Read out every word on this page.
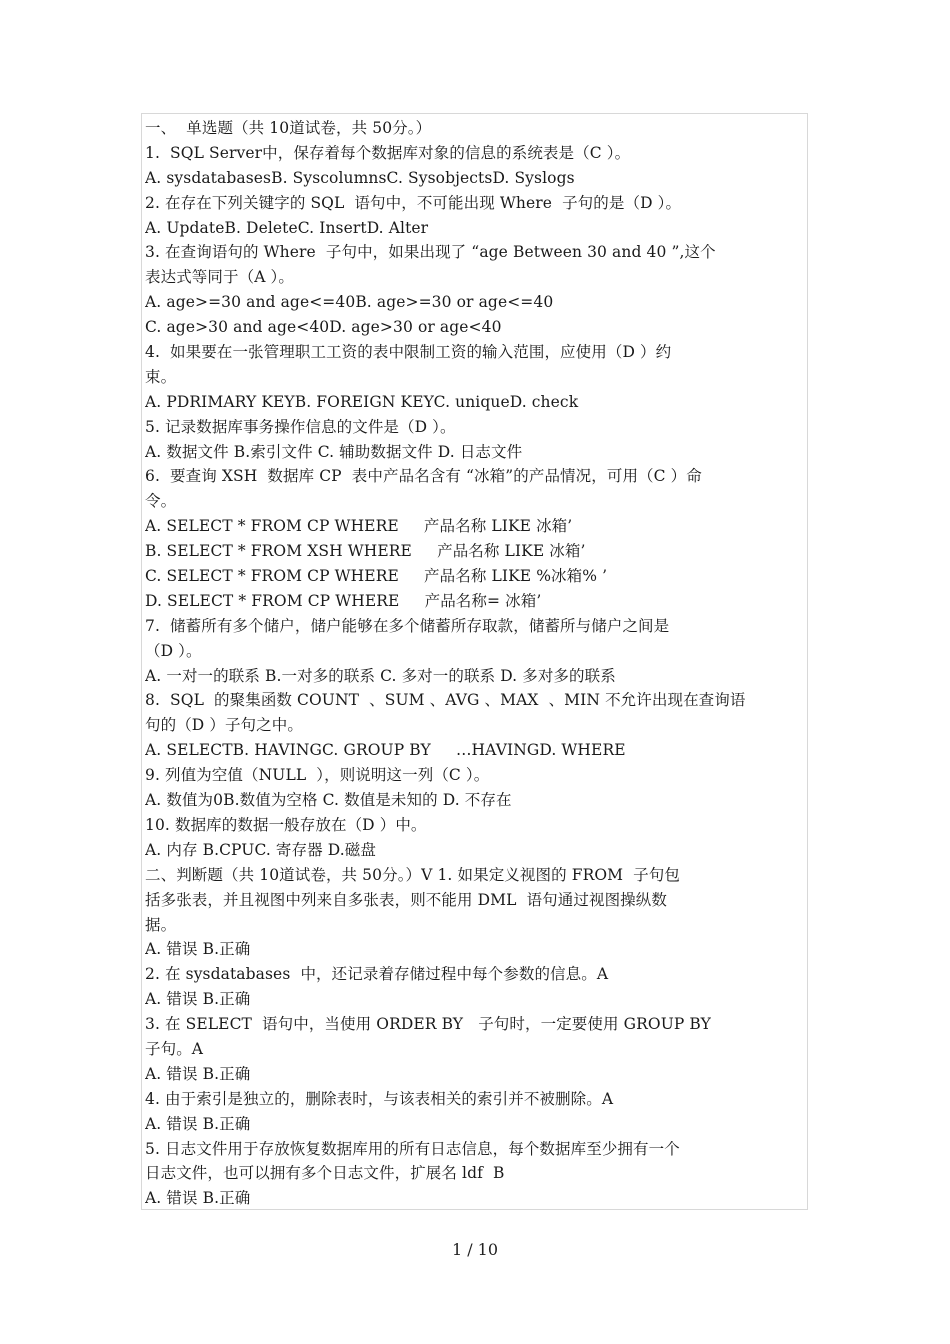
一、  单选题（共 10道试卷，共 50分。）
1.  SQL Server中，保存着每个数据库对象的信息的系统表是（C ）。
A. sysdatabasesB. SyscolumnsC. SysobjectsD. Syslogs
2. 在存在下列关键字的 SQL  语句中，不可能出现 Where  子句的是（D ）。
A. UpdateB. DeleteC. InsertD. Alter
3. 在查询语句的 Where  子句中，如果出现了 “age Between 30 and 40 ”,这个
表达式等同于（A ）。
A. age>=30 and age<=40B. age>=30 or age<=40
C. age>30 and age<40D. age>30 or age<40
4.  如果要在一张管理职工工资的表中限制工资的输入范围，应使用（D ）约
束。
A. PDRIMARY KEYB. FOREIGN KEYC. uniqueD. check
5. 记录数据库事务操作信息的文件是（D ）。
A. 数据文件 B.索引文件 C. 辅助数据文件 D. 日志文件
6.  要查询 XSH  数据库 CP  表中产品名含有 “冰箱”的产品情况，可用（C ）命
令。
A. SELECT * FROM CP WHERE     产品名称 LIKE 冰箱’
B. SELECT * FROM XSH WHERE     产品名称 LIKE 冰箱’
C. SELECT * FROM CP WHERE     产品名称 LIKE %冰箱% ’
D. SELECT * FROM CP WHERE     产品名称= 冰箱’
7.  储蓄所有多个储户，储户能够在多个储蓄所存取款，储蓄所与储户之间是
（D ）。
A. 一对一的联系 B.一对多的联系 C. 多对一的联系 D. 多对多的联系
8.  SQL  的聚集函数 COUNT  、SUM 、AVG 、MAX  、MIN 不允许出现在查询语
句的（D ）子句之中。
A. SELECTB. HAVINGC. GROUP BY     …HAVINGD. WHERE
9. 列值为空值（NULL  ），则说明这一列（C ）。
A. 数值为0B.数值为空格 C. 数值是未知的 D. 不存在
10. 数据库的数据一般存放在（D ）中。
A. 内存 B.CPUC. 寄存器 D.磁盘
二、判断题（共 10道试卷，共 50分。）V 1. 如果定义视图的 FROM  子句包
括多张表，并且视图中列来自多张表，则不能用 DML  语句通过视图操纵数
据。
A. 错误 B.正确
2. 在 sysdatabases  中，还记录着存储过程中每个参数的信息。A
A. 错误 B.正确
3. 在 SELECT  语句中，当使用 ORDER BY   子句时，一定要使用 GROUP BY
子句。A
A. 错误 B.正确
4. 由于索引是独立的，删除表时，与该表相关的索引并不被删除。A
A. 错误 B.正确
5. 日志文件用于存放恢复数据库用的所有日志信息，每个数据库至少拥有一个
日志文件，也可以拥有多个日志文件，扩展名 ldf  B
A. 错误 B.正确
1 / 10
